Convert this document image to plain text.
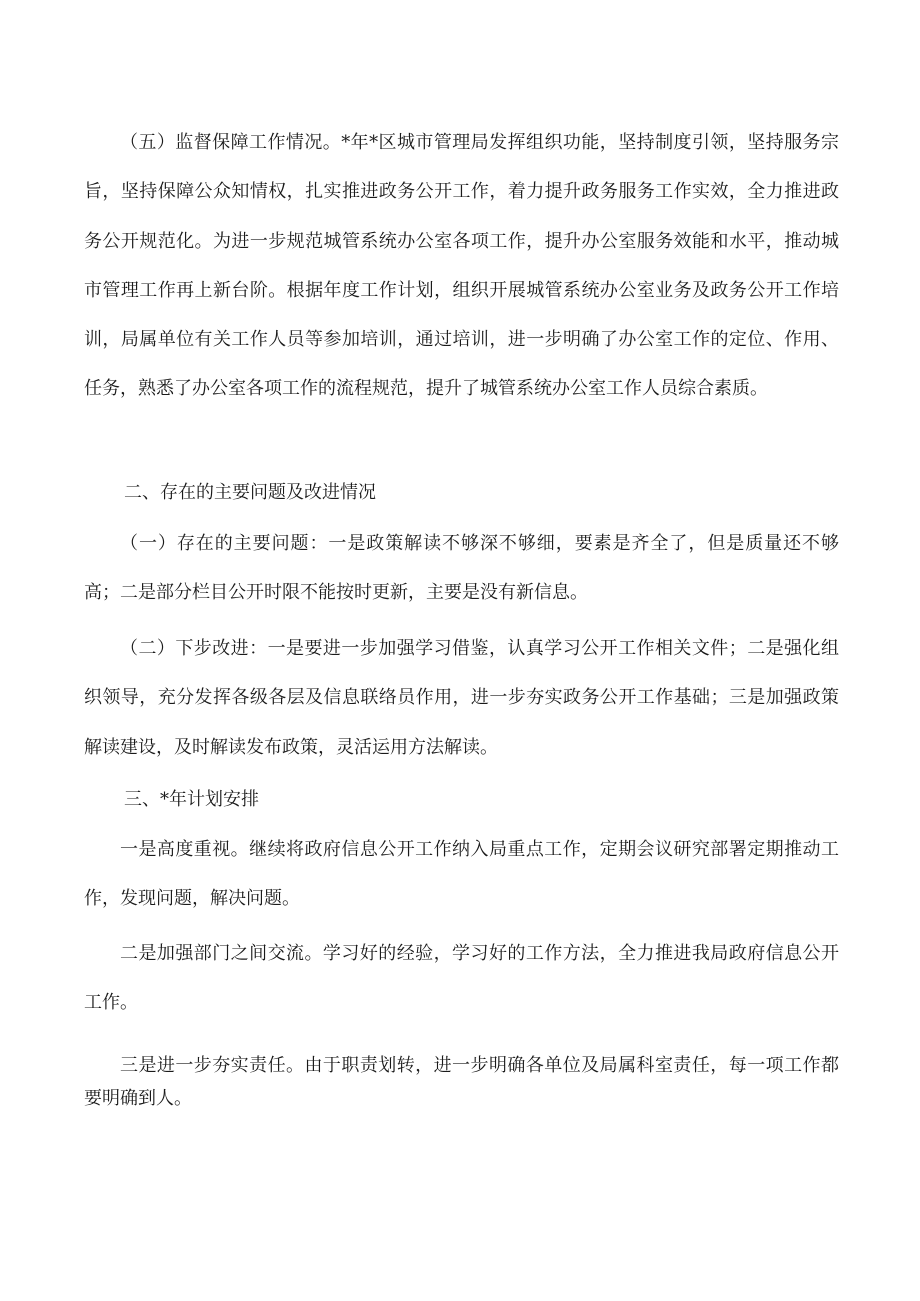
（五）监督保障工作情况。*年*区城市管理局发挥组织功能，坚持制度引领，坚持服务宗旨，坚持保障公众知情权，扎实推进政务公开工作，着力提升政务服务工作实效，全力推进政务公开规范化。为进一步规范城管系统办公室各项工作，提升办公室服务效能和水平，推动城市管理工作再上新台阶。根据年度工作计划，组织开展城管系统办公室业务及政务公开工作培训，局属单位有关工作人员等参加培训，通过培训，进一步明确了办公室工作的定位、作用、任务，熟悉了办公室各项工作的流程规范，提升了城管系统办公室工作人员综合素质。

二、存在的主要问题及改进情况

（一）存在的主要问题：一是政策解读不够深不够细，要素是齐全了，但是质量还不够高；二是部分栏目公开时限不能按时更新，主要是没有新信息。

（二）下步改进：一是要进一步加强学习借鉴，认真学习公开工作相关文件；二是强化组织领导，充分发挥各级各层及信息联络员作用，进一步夯实政务公开工作基础；三是加强政策解读建设，及时解读发布政策，灵活运用方法解读。

三、*年计划安排

一是高度重视。继续将政府信息公开工作纳入局重点工作，定期会议研究部署定期推动工作，发现问题，解决问题。

二是加强部门之间交流。学习好的经验，学习好的工作方法，全力推进我局政府信息公开工作。

三是进一步夯实责任。由于职责划转，进一步明确各单位及局属科室责任，每一项工作都要明确到人。
